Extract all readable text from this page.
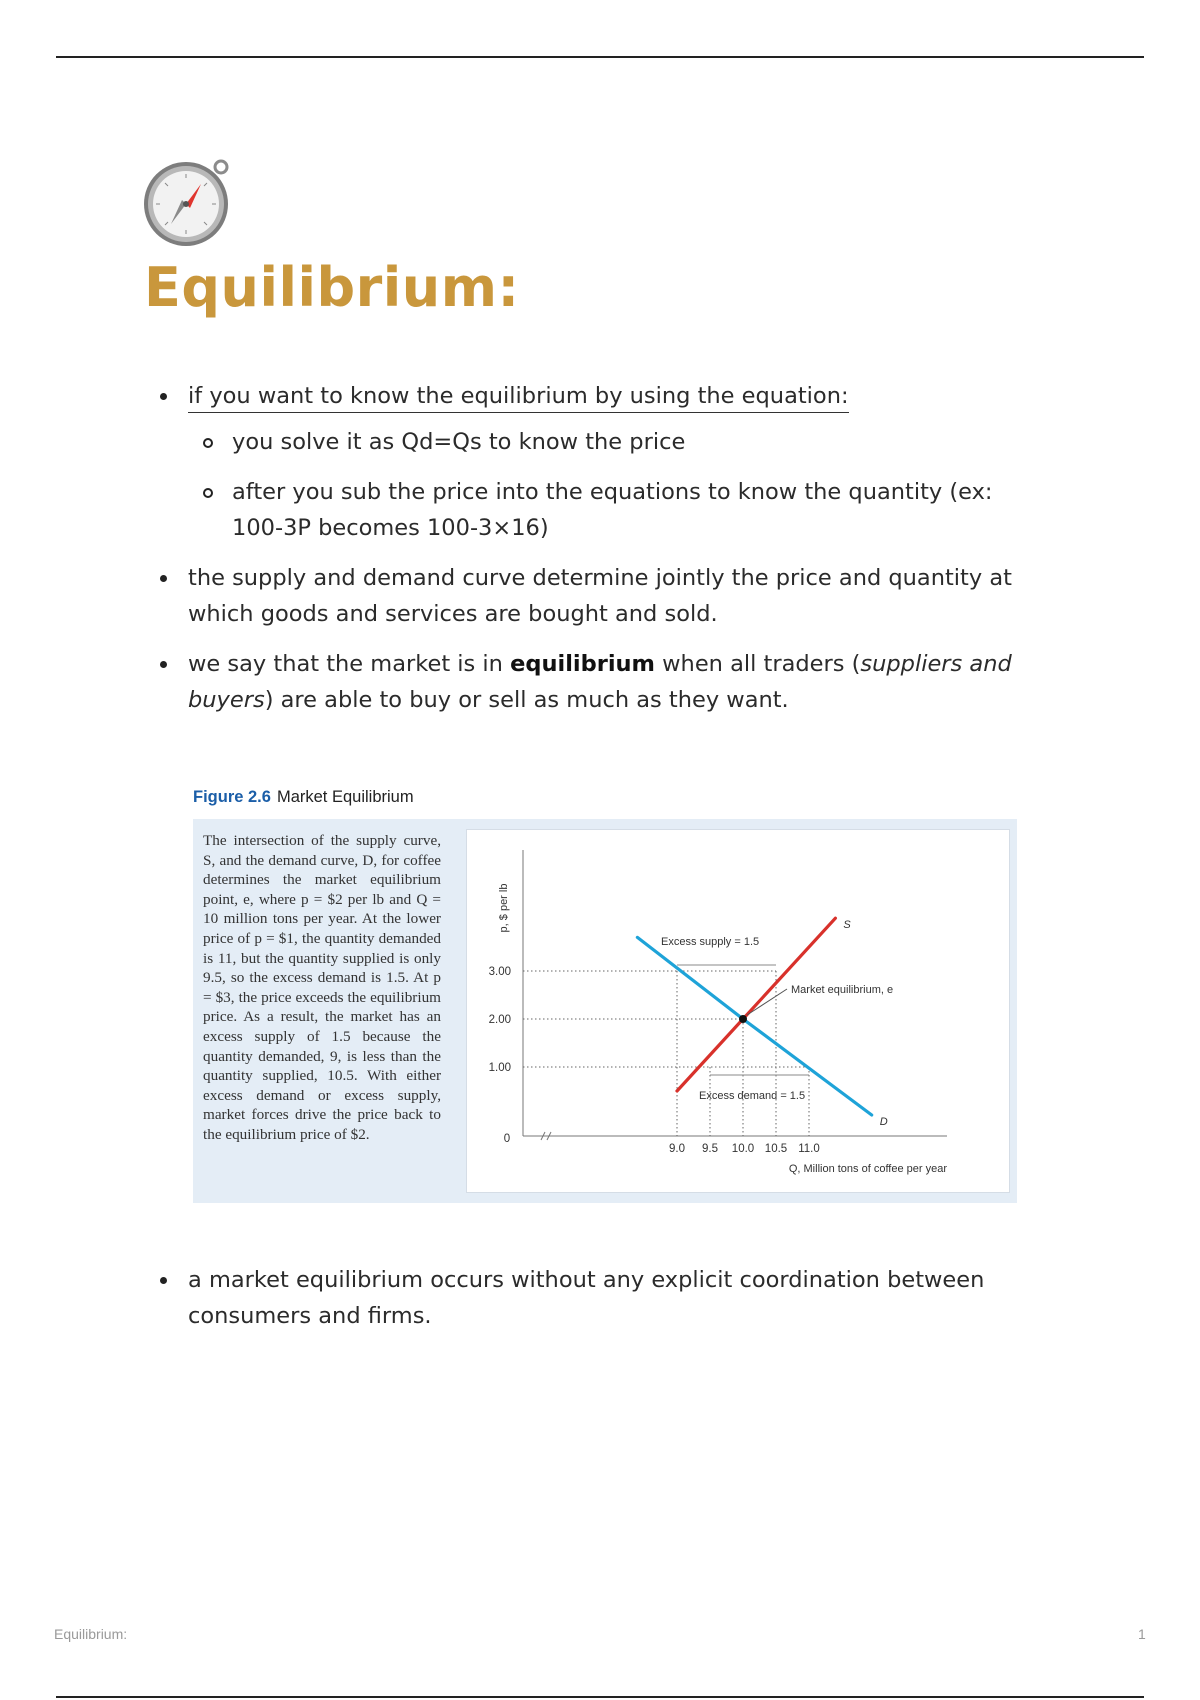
Equilibrium:

if you want to know the equilibrium by using the equation:

you solve it as Qd=Qs to know the price

after you sub the price into the equations to know the quantity (ex: 100-3P becomes 100-3×16)

the supply and demand curve determine jointly the price and quantity at which goods and services are bought and sold.

we say that the market is in equilibrium when all traders (suppliers and buyers) are able to buy or sell as much as they want.

Figure 2.6 Market Equilibrium
The intersection of the supply curve, S, and the demand curve, D, for coffee determines the market equilibrium point, e, where p = $2 per lb and Q = 10 million tons per year. At the lower price of p = $1, the quantity demanded is 11, but the quantity supplied is only 9.5, so the excess demand is 1.5. At p = $3, the price exceeds the equilibrium price. As a result, the market has an excess supply of 1.5 because the quantity demanded, 9, is less than the quantity supplied, 10.5. With either excess demand or excess supply, market forces drive the price back to the equilibrium price of $2.
p, $ per lb
0
1.00
2.00
3.00
9.0 9.5 10.0 10.5 11.0
Q, Million tons of coffee per year
Excess supply = 1.5
Excess demand = 1.5
S
D
Market equilibrium, e

a market equilibrium occurs without any explicit coordination between consumers and firms.

Equilibrium:	1
